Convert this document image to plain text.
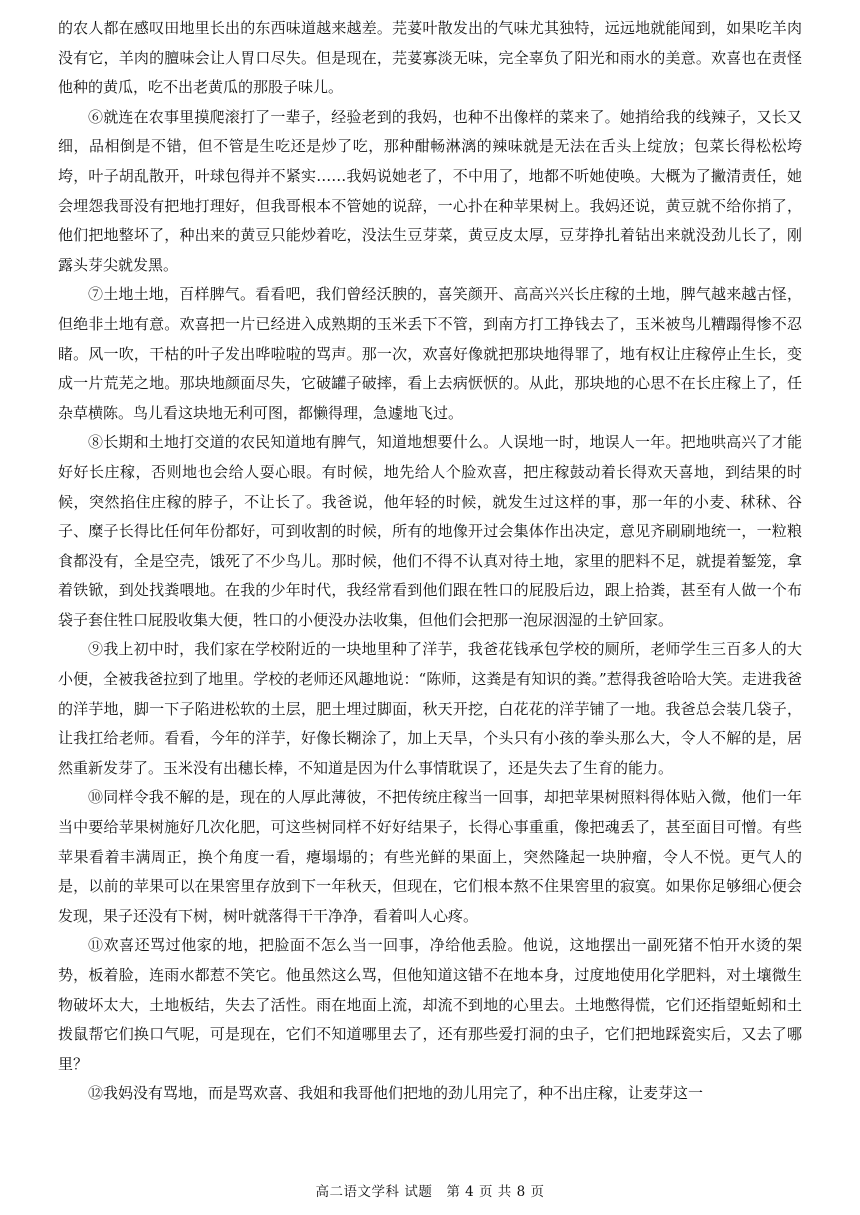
的农人都在感叹田地里长出的东西味道越来越差。芫荽叶散发出的气味尤其独特，远远地就能闻到，如果吃羊肉没有它，羊肉的膻味会让人胃口尽失。但是现在，芫荽寡淡无味，完全辜负了阳光和雨水的美意。欢喜也在责怪他种的黄瓜，吃不出老黄瓜的那股子味儿。

⑥就连在农事里摸爬滚打了一辈子，经验老到的我妈，也种不出像样的菜来了。她捎给我的线辣子，又长又细，品相倒是不错，但不管是生吃还是炒了吃，那种酣畅淋漓的辣味就是无法在舌头上绽放；包菜长得松松垮垮，叶子胡乱散开，叶球包得并不紧实……我妈说她老了，不中用了，地都不听她使唤。大概为了撇清责任，她会埋怨我哥没有把地打理好，但我哥根本不管她的说辞，一心扑在种苹果树上。我妈还说，黄豆就不给你捎了，他们把地整坏了，种出来的黄豆只能炒着吃，没法生豆芽菜，黄豆皮太厚，豆芽挣扎着钻出来就没劲儿长了，刚露头芽尖就发黑。

⑦土地土地，百样脾气。看看吧，我们曾经沃腴的，喜笑颜开、高高兴兴长庄稼的土地，脾气越来越古怪，但绝非土地有意。欢喜把一片已经进入成熟期的玉米丢下不管，到南方打工挣钱去了，玉米被鸟儿糟蹋得惨不忍睹。风一吹，干枯的叶子发出哗啦啦的骂声。那一次，欢喜好像就把那块地得罪了，地有权让庄稼停止生长，变成一片荒芜之地。那块地颜面尽失，它破罐子破摔，看上去病恹恹的。从此，那块地的心思不在长庄稼上了，任杂草横陈。鸟儿看这块地无利可图，都懒得理，急遽地飞过。

⑧长期和土地打交道的农民知道地有脾气，知道地想要什么。人误地一时，地误人一年。把地哄高兴了才能好好长庄稼，否则地也会给人耍心眼。有时候，地先给人个脸欢喜，把庄稼鼓动着长得欢天喜地，到结果的时候，突然掐住庄稼的脖子，不让长了。我爸说，他年轻的时候，就发生过这样的事，那一年的小麦、秫秫、谷子、糜子长得比任何年份都好，可到收割的时候，所有的地像开过会集体作出决定，意见齐刷刷地统一，一粒粮食都没有，全是空壳，饿死了不少鸟儿。那时候，他们不得不认真对待土地，家里的肥料不足，就提着錾笼，拿着铁锨，到处找粪喂地。在我的少年时代，我经常看到他们跟在牲口的屁股后边，跟上拾粪，甚至有人做一个布袋子套住牲口屁股收集大便，牲口的小便没办法收集，但他们会把那一泡尿洇湿的土铲回家。

⑨我上初中时，我们家在学校附近的一块地里种了洋芋，我爸花钱承包学校的厕所，老师学生三百多人的大小便，全被我爸拉到了地里。学校的老师还风趣地说：“陈师，这粪是有知识的粪。”惹得我爸哈哈大笑。走进我爸的洋芋地，脚一下子陷进松软的土层，肥土埋过脚面，秋天开挖，白花花的洋芋铺了一地。我爸总会装几袋子，让我扛给老师。看看，今年的洋芋，好像长糊涂了，加上天旱，个头只有小孩的拳头那么大，令人不解的是，居然重新发芽了。玉米没有出穗长棒，不知道是因为什么事情耽误了，还是失去了生育的能力。

⑩同样令我不解的是，现在的人厚此薄彼，不把传统庄稼当一回事，却把苹果树照料得体贴入微，他们一年当中要给苹果树施好几次化肥，可这些树同样不好好结果子，长得心事重重，像把魂丢了，甚至面目可憎。有些苹果看着丰满周正，换个角度一看，瘪塌塌的；有些光鲜的果面上，突然隆起一块肿瘤，令人不悦。更气人的是，以前的苹果可以在果窖里存放到下一年秋天，但现在，它们根本熬不住果窖里的寂寞。如果你足够细心便会发现，果子还没有下树，树叶就落得干干净净，看着叫人心疼。

⑪欢喜还骂过他家的地，把脸面不怎么当一回事，净给他丢脸。他说，这地摆出一副死猪不怕开水烫的架势，板着脸，连雨水都惹不笑它。他虽然这么骂，但他知道这错不在地本身，过度地使用化学肥料，对土壤微生物破坏太大，土地板结，失去了活性。雨在地面上流，却流不到地的心里去。土地憋得慌，它们还指望蚯蚓和土拨鼠帮它们换口气呢，可是现在，它们不知道哪里去了，还有那些爱打洞的虫子，它们把地踩瓷实后，又去了哪里？

⑫我妈没有骂地，而是骂欢喜、我姐和我哥他们把地的劲儿用完了，种不出庄稼，让麦芽这一

高二语文学科 试题　第 4 页 共 8 页
